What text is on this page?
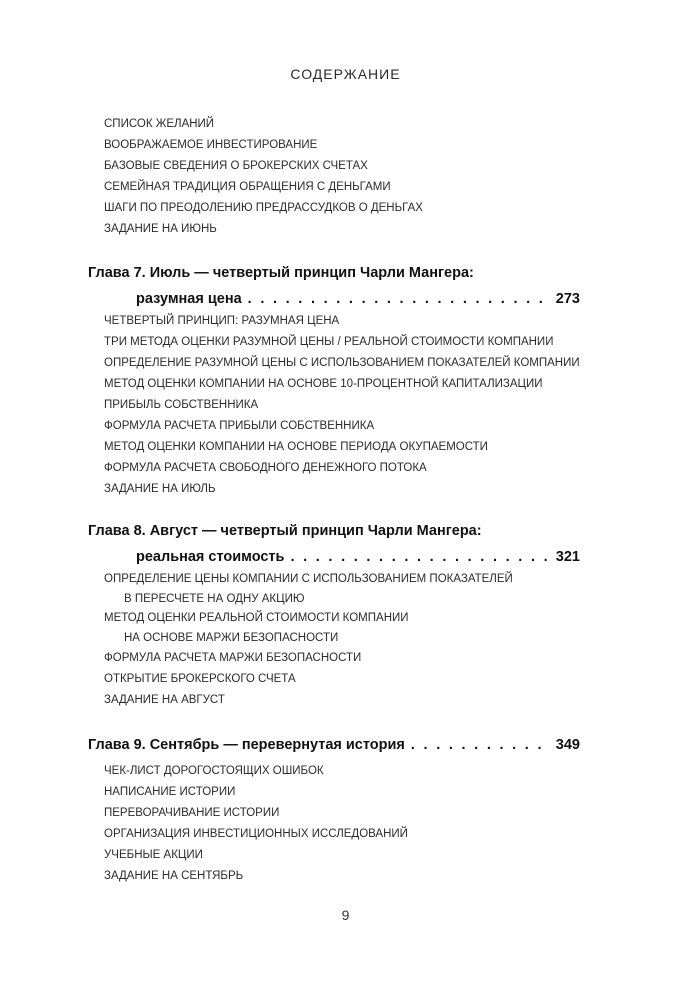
СОДЕРЖАНИЕ
СПИСОК ЖЕЛАНИЙ
ВООБРАЖАЕМОЕ ИНВЕСТИРОВАНИЕ
БАЗОВЫЕ СВЕДЕНИЯ О БРОКЕРСКИХ СЧЕТАХ
СЕМЕЙНАЯ ТРАДИЦИЯ ОБРАЩЕНИЯ С ДЕНЬГАМИ
ШАГИ ПО ПРЕОДОЛЕНИЮ ПРЕДРАССУДКОВ О ДЕНЬГАХ
ЗАДАНИЕ НА ИЮНЬ
Глава 7. Июль — четвертый принцип Чарли Мангера:
разумная цена . . .	273
ЧЕТВЕРТЫЙ ПРИНЦИП: РАЗУМНАЯ ЦЕНА
ТРИ МЕТОДА ОЦЕНКИ РАЗУМНОЙ ЦЕНЫ / РЕАЛЬНОЙ СТОИМОСТИ КОМПАНИИ
ОПРЕДЕЛЕНИЕ РАЗУМНОЙ ЦЕНЫ С ИСПОЛЬЗОВАНИЕМ ПОКАЗАТЕЛЕЙ КОМПАНИИ
МЕТОД ОЦЕНКИ КОМПАНИИ НА ОСНОВЕ 10-ПРОЦЕНТНОЙ КАПИТАЛИЗАЦИИ
ПРИБЫЛЬ СОБСТВЕННИКА
ФОРМУЛА РАСЧЕТА ПРИБЫЛИ СОБСТВЕННИКА
МЕТОД ОЦЕНКИ КОМПАНИИ НА ОСНОВЕ ПЕРИОДА ОКУПАЕМОСТИ
ФОРМУЛА РАСЧЕТА СВОБОДНОГО ДЕНЕЖНОГО ПОТОКА
ЗАДАНИЕ НА ИЮЛЬ
Глава 8. Август — четвертый принцип Чарли Мангера:
реальная стоимость . . .	321
ОПРЕДЕЛЕНИЕ ЦЕНЫ КОМПАНИИ С ИСПОЛЬЗОВАНИЕМ ПОКАЗАТЕЛЕЙ
В ПЕРЕСЧЕТЕ НА ОДНУ АКЦИЮ
МЕТОД ОЦЕНКИ РЕАЛЬНОЙ СТОИМОСТИ КОМПАНИИ
НА ОСНОВЕ МАРЖИ БЕЗОПАСНОСТИ
ФОРМУЛА РАСЧЕТА МАРЖИ БЕЗОПАСНОСТИ
ОТКРЫТИЕ БРОКЕРСКОГО СЧЕТА
ЗАДАНИЕ НА АВГУСТ
Глава 9. Сентябрь — перевернутая история . . .	349
ЧЕК-ЛИСТ ДОРОГОСТОЯЩИХ ОШИБОК
НАПИСАНИЕ ИСТОРИИ
ПЕРЕВОРАЧИВАНИЕ ИСТОРИИ
ОРГАНИЗАЦИЯ ИНВЕСТИЦИОННЫХ ИССЛЕДОВАНИЙ
УЧЕБНЫЕ АКЦИИ
ЗАДАНИЕ НА СЕНТЯБРЬ
9
